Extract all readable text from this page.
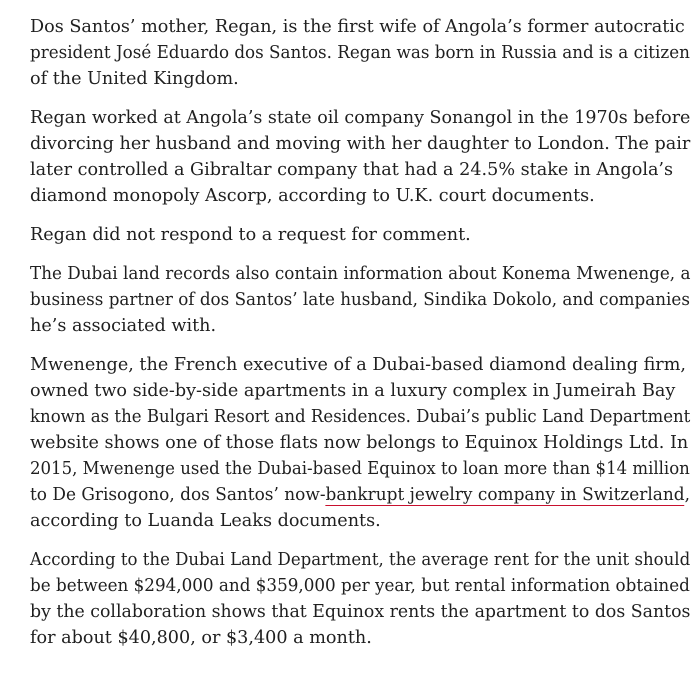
Dos Santos’ mother, Regan, is the first wife of Angola’s former autocratic
president José Eduardo dos Santos. Regan was born in Russia and is a citizen
of the United Kingdom.

Regan worked at Angola’s state oil company Sonangol in the 1970s before
divorcing her husband and moving with her daughter to London. The pair
later controlled a Gibraltar company that had a 24.5% stake in Angola’s
diamond monopoly Ascorp, according to U.K. court documents.

Regan did not respond to a request for comment.

The Dubai land records also contain information about Konema Mwenenge, a
business partner of dos Santos’ late husband, Sindika Dokolo, and companies
he’s associated with.

Mwenenge, the French executive of a Dubai-based diamond dealing firm,
owned two side-by-side apartments in a luxury complex in Jumeirah Bay
known as the Bulgari Resort and Residences. Dubai’s public Land Department
website shows one of those flats now belongs to Equinox Holdings Ltd. In
2015, Mwenenge used the Dubai-based Equinox to loan more than $14 million
to De Grisogono, dos Santos’ now-bankrupt jewelry company in Switzerland,
according to Luanda Leaks documents.

According to the Dubai Land Department, the average rent for the unit should
be between $294,000 and $359,000 per year, but rental information obtained
by the collaboration shows that Equinox rents the apartment to dos Santos
for about $40,800, or $3,400 a month.
